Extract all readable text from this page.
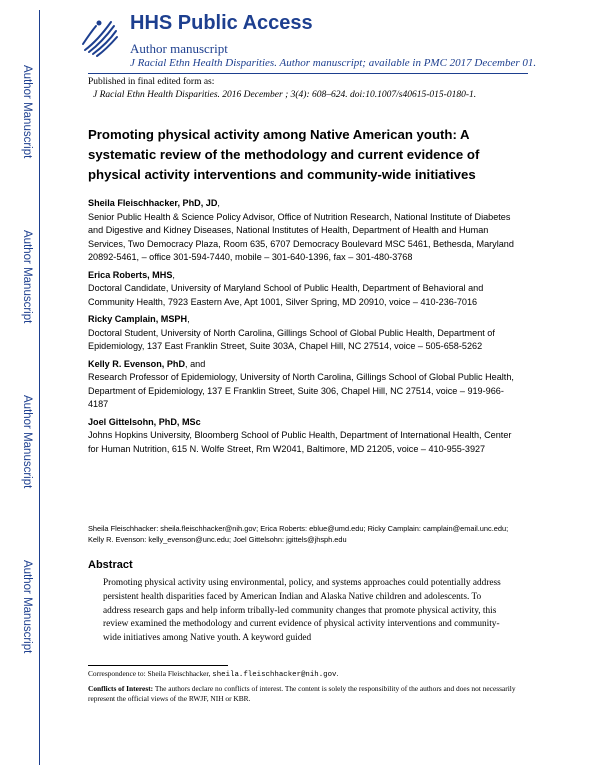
Author Manuscript
Author Manuscript
Author Manuscript
Author Manuscript
HHS Public Access
Author manuscript
J Racial Ethn Health Disparities. Author manuscript; available in PMC 2017 December 01.
Published in final edited form as:
J Racial Ethn Health Disparities. 2016 December ; 3(4): 608–624. doi:10.1007/s40615-015-0180-1.
Promoting physical activity among Native American youth: A systematic review of the methodology and current evidence of physical activity interventions and community-wide initiatives
Sheila Fleischhacker, PhD, JD,
Senior Public Health & Science Policy Advisor, Office of Nutrition Research, National Institute of Diabetes and Digestive and Kidney Diseases, National Institutes of Health, Department of Health and Human Services, Two Democracy Plaza, Room 635, 6707 Democracy Boulevard MSC 5461, Bethesda, Maryland 20892-5461, – office 301-594-7440, mobile – 301-640-1396, fax – 301-480-3768
Erica Roberts, MHS,
Doctoral Candidate, University of Maryland School of Public Health, Department of Behavioral and Community Health, 7923 Eastern Ave, Apt 1001, Silver Spring, MD 20910, voice – 410-236-7016
Ricky Camplain, MSPH,
Doctoral Student, University of North Carolina, Gillings School of Global Public Health, Department of Epidemiology, 137 East Franklin Street, Suite 303A, Chapel Hill, NC 27514, voice – 505-658-5262
Kelly R. Evenson, PhD, and
Research Professor of Epidemiology, University of North Carolina, Gillings School of Global Public Health, Department of Epidemiology, 137 E Franklin Street, Suite 306, Chapel Hill, NC 27514, voice – 919-966-4187
Joel Gittelsohn, PhD, MSc
Johns Hopkins University, Bloomberg School of Public Health, Department of International Health, Center for Human Nutrition, 615 N. Wolfe Street, Rm W2041, Baltimore, MD 21205, voice – 410-955-3927
Sheila Fleischhacker: sheila.fleischhacker@nih.gov; Erica Roberts: eblue@umd.edu; Ricky Camplain: camplain@email.unc.edu; Kelly R. Evenson: kelly_evenson@unc.edu; Joel Gittelsohn: jgittels@jhsph.edu
Abstract
Promoting physical activity using environmental, policy, and systems approaches could potentially address persistent health disparities faced by American Indian and Alaska Native children and adolescents. To address research gaps and help inform tribally-led community changes that promote physical activity, this review examined the methodology and current evidence of physical activity interventions and community-wide initiatives among Native youth. A keyword guided
Correspondence to: Sheila Fleischhacker, sheila.fleischhacker@nih.gov.
Conflicts of Interest: The authors declare no conflicts of interest. The content is solely the responsibility of the authors and does not necessarily represent the official views of the RWJF, NIH or KBR.
